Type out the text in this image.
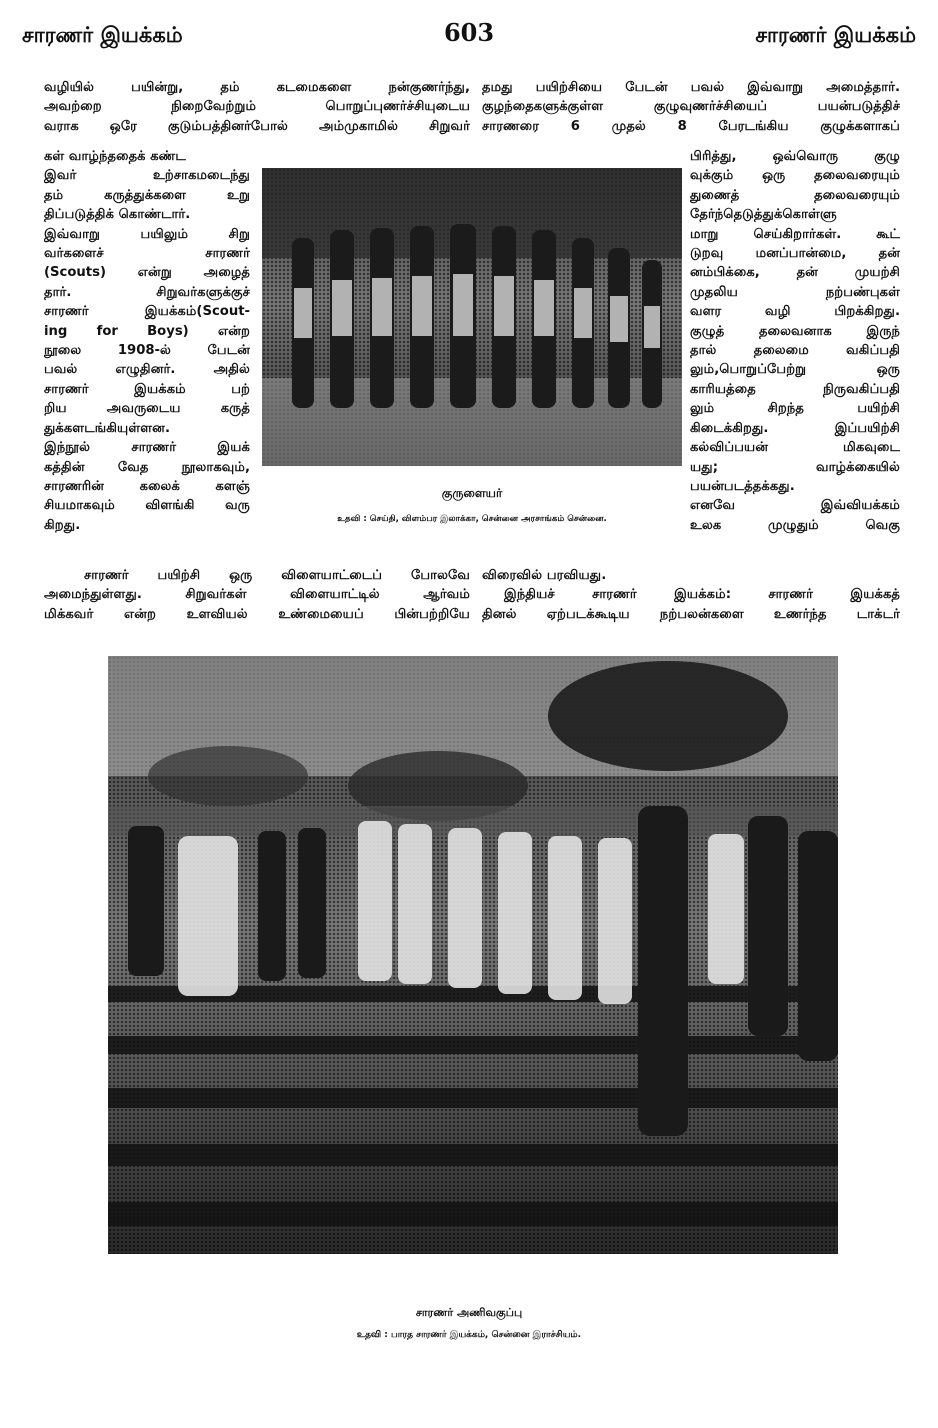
சாரணர் இயக்கம்	603	சாரணர் இயக்கம்

வழியில் பயின்று, தம் கடமைகளை நன்குணர்ந்து,

அவற்றை நிறைவேற்றும் பொறுப்புணர்ச்சியுடைய

வராக ஒரே குடும்பத்தினர்போல் அம்முகாமில் சிறுவர்

கள் வாழ்ந்ததைக் கண்ட

இவர் உற்சாகமடைந்து

தம் கருத்துக்களை உறு

திப்படுத்திக் கொண்டார்.

இவ்வாறு பயிலும் சிறு

வர்களைச் சாரணர்

(Scouts) என்று அழைத்

தார். சிறுவர்களுக்குச்

சாரணர் இயக்கம்(Scout-

ing for Boys) என்ற

நூலை 1908-ல் பேடன்

பவல் எழுதினர். அதில்

சாரணர் இயக்கம் பற்

றிய அவருடைய கருத்

துக்களடங்கியுள்ளன.

இந்நூல் சாரணர் இயக்

கத்தின் வேத நூலாகவும்,

சாரணரின் கலைக் களஞ்

சியமாகவும் விளங்கி வரு

கிறது.

சாரணர் பயிற்சி ஒரு விளையாட்டைப் போலவே

அமைந்துள்ளது. சிறுவர்கள் விளையாட்டில் ஆர்வம்

மிக்கவர் என்ற உளவியல் உண்மையைப் பின்பற்றியே

தமது பயிற்சியை பேடன் பவல் இவ்வாறு அமைத்தார்.

குழந்தைகளுக்குள்ள குழுவுணர்ச்சியைப் பயன்படுத்திச்

சாரணரை 6 முதல் 8 பேரடங்கிய குழுக்களாகப்

பிரித்து, ஒவ்வொரு குழு

வுக்கும் ஒரு தலைவரையும்

துணைத் தலைவரையும்

தேர்ந்தெடுத்துக்கொள்ளு

மாறு செய்கிறார்கள். கூட்

டுறவு மனப்பான்மை, தன்

னம்பிக்கை, தன் முயற்சி

முதலிய நற்பண்புகள்

வளர வழி பிறக்கிறது.

குழுத் தலைவனாக இருந்

தால் தலைமை வகிப்பதி

லும்,பொறுப்பேற்று ஒரு

காரியத்தை நிருவகிப்பதி

லும் சிறந்த பயிற்சி

கிடைக்கிறது. இப்பயிற்சி

கல்விப்பயன் மிகவுடை

யது; வாழ்க்கையில்

பயன்படத்தக்கது.

எனவே இவ்வியக்கம்

உலக முழுதும் வெகு

விரைவில் பரவியது.

இந்தியச் சாரணர் இயக்கம்: சாரணர் இயக்கத்

தினல் ஏற்படக்கூடிய நற்பலன்களை உணர்ந்த டாக்டர்

குருளையர்
உதவி : செய்தி, விளம்பர இலாக்கா, சென்னை அரசாங்கம் சென்னை.
சாரணர் அணிவகுப்பு
உதவி : பாரத சாரணர் இயக்கம், சென்னை இராச்சியம்.
